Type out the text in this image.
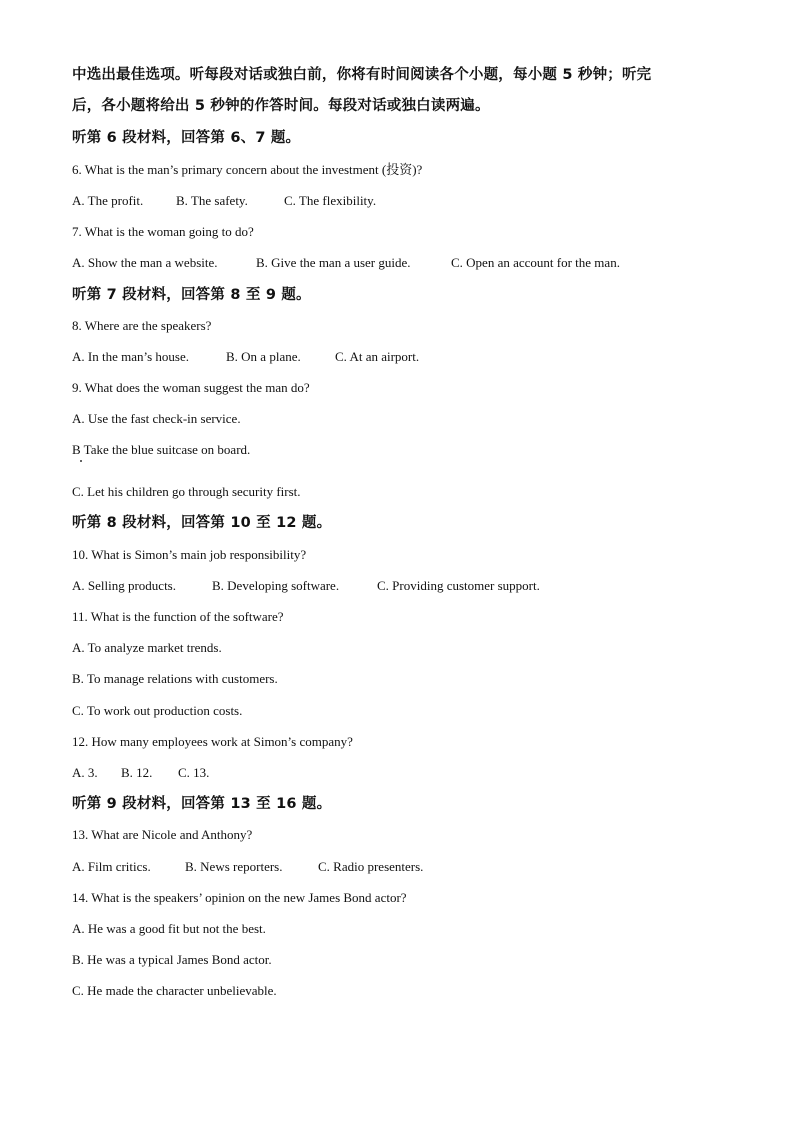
中选出最佳选项。听每段对话或独白前，你将有时间阅读各个小题，每小题 5 秒钟；听完
后，各小题将给出 5 秒钟的作答时间。每段对话或独白读两遍。
听第 6 段材料，回答第 6、7 题。
6. What is the man’s primary concern about the investment (投资)?
A. The profit.	B. The safety.	C. The flexibility.
7. What is the woman going to do?
A. Show the man a website.	B. Give the man a user guide.	C. Open an account for the man.
听第 7 段材料，回答第 8 至 9 题。
8. Where are the speakers?
A. In the man’s house.	B. On a plane.	C. At an airport.
9. What does the woman suggest the man do?
A. Use the fast check-in service.
B Take the blue suitcase on board.
C. Let his children go through security first.
听第 8 段材料，回答第 10 至 12 题。
10. What is Simon’s main job responsibility?
A. Selling products.	B. Developing software.	C. Providing customer support.
11. What is the function of the software?
A. To analyze market trends.
B. To manage relations with customers.
C. To work out production costs.
12. How many employees work at Simon’s company?
A. 3. B. 12. C. 13.
听第 9 段材料，回答第 13 至 16 题。
13. What are Nicole and Anthony?
A. Film critics.	B. News reporters.	C. Radio presenters.
14. What is the speakers’ opinion on the new James Bond actor?
A. He was a good fit but not the best.
B. He was a typical James Bond actor.
C. He made the character unbelievable.
